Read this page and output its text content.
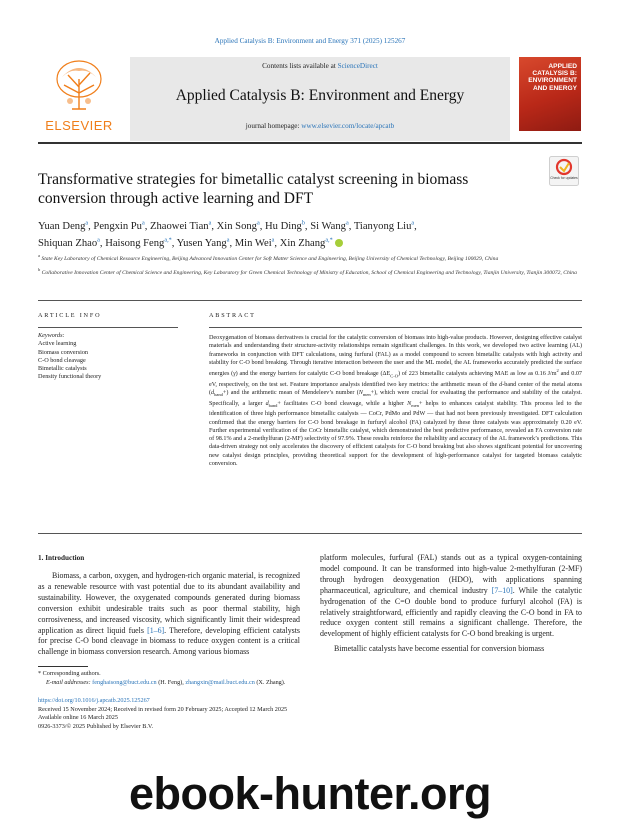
Applied Catalysis B: Environment and Energy 371 (2025) 125267
Contents lists available at ScienceDirect
Applied Catalysis B: Environment and Energy
journal homepage: www.elsevier.com/locate/apcatb
ELSEVIER
APPLIED CATALYSIS B: ENVIRONMENT AND ENERGY
Transformative strategies for bimetallic catalyst screening in biomass
conversion through active learning and DFT
Check for updates
Yuan Deng$^a$, Pengxin Pu$^a$, Zhaowei Tian$^a$, Xin Song$^a$, Hu Ding$^b$, Si Wang$^a$, Tianyong Liu$^a$,
Shiquan Zhao$^a$, Haisong Feng$^{a,*}$, Yusen Yang$^a$, Min Wei$^a$, Xin Zhang$^{a,*}$

$^a$ State Key Laboratory of Chemical Resource Engineering, Beijing Advanced Innovation Center for Soft Matter Science and Engineering, Beijing University of Chemical Technology, Beijing 100029, China

$^b$ Collaborative Innovation Center of Chemical Science and Engineering, Key Laboratory for Green Chemical Technology of Ministry of Education, School of Chemical Engineering and Technology, Tianjin University, Tianjin 300072, China

ARTICLE INFO	ABSTRACT
Keywords:
Active learning
Biomass conversion
C-O bond cleavage
Bimetallic catalysts
Density functional theory
Deoxygenation of biomass derivatives is crucial for the catalytic conversion of biomass into high-value products. However, designing effective catalyst materials and understanding their structure-activity relationships remain significant challenges. In this work, we developed two active learning (AL) frameworks in conjunction with DFT calculations, using furfural (FAL) as a model compound to screen bimetallic catalysts with high activity and stability for C-O bond breaking. Through iterative interaction between the user and the ML model, the AL frameworks accurately predicted the surface energies (γ) and the energy barriers for catalytic C-O bond breakage $(\Delta E_{C-O})$ of 223 bimetallic catalysts achieving MAE as low as 0.16 $J/m^2$ and 0.07 eV, respectively, on the test set. Feature importance analysis identified two key metrics: the arithmetic mean of the d-band center of the metal atoms $(d_{band}+)$ and the arithmetic mean of Mendeleev’s number $(N_{men}+)$, which were crucial for evaluating the performance and stability of the catalyst. Specifically, a larger $d_{band}+$ facilitates C-O bond cleavage, while a higher $N_{men}+$ helps to enhances catalyst stability. This process led to the identification of three high performance bimetallic catalysts — CoCr, PdMo and PdW — that had not been previously investigated. DFT calculation confirmed that the energy barriers for C-O bond breakage in furfuryl alcohol (FA) catalyzed by these three catalysts was approximately 0.20 eV. Further experimental verification of the CoCr bimetallic catalyst, which demonstrated the best predictive performance, revealed an FA conversion rate of 98.1% and a 2-methylfuran (2-MF) selectivity of 97.9%. These results reinforce the reliability and accuracy of the AL framework’s predictions. This data-driven strategy not only accelerates the discovery of efficient catalysts for C-O bond breaking but also shows significant potential for uncovering new catalyst design principles, providing theoretical support for the development of high-performance catalyst for targeted biomass catalytic conversion.
1. Introduction

Biomass, a carbon, oxygen, and hydrogen-rich organic material, is recognized as a renewable resource with vast potential due to its abundant availability and sustainability. However, the oxygenated compounds generated during biomass conversion exhibit undesirable traits such as poor thermal stability, high corrosiveness, and increased viscosity, which significantly limit their widespread application as direct liquid fuels [1–6]. Therefore, developing efficient catalysts for precise C-O bond cleavage in biomass to reduce oxygen content is a critical challenge in biomass conversion research. Among various biomass

platform molecules, furfural (FAL) stands out as a typical oxygen-containing model compound. It can be transformed into high-value 2-methylfuran (2-MF) through hydrogen deoxygenation (HDO), with applications spanning pharmaceutical, agriculture, and chemical industry [7–10]. While the catalytic hydrogenation of the C=O double bond to produce furfuryl alcohol (FA) is relatively straightforward, efficiently and rapidly cleaving the C-O bond in FA to reduce oxygen content still remains a significant challenge. Therefore, the development of highly efficient catalysts for C-O bond breaking is urgent.

Bimetallic catalysts have become essential for conversion biomass

* Corresponding authors.
E-mail addresses: fenghaisong@buct.edu.cn (H. Feng), zhangxin@mail.buct.edu.cn (X. Zhang).
https://doi.org/10.1016/j.apcatb.2025.125267
Received 15 November 2024; Received in revised form 20 February 2025; Accepted 12 March 2025
Available online 16 March 2025
0926-3373/© 2025 Published by Elsevier B.V.
ebook-hunter.org
